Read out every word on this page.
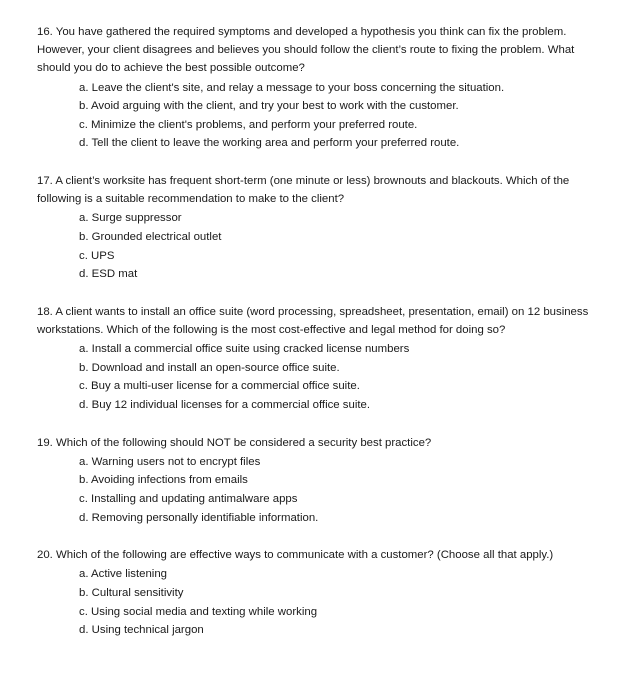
16. You have gathered the required symptoms and developed a hypothesis you think can fix the problem. However, your client disagrees and believes you should follow the client’s route to fixing the problem. What should you do to achieve the best possible outcome?

a. Leave the client's site, and relay a message to your boss concerning the situation.
b. Avoid arguing with the client, and try your best to work with the customer.
c. Minimize the client's problems, and perform your preferred route.
d. Tell the client to leave the working area and perform your preferred route.

17. A client’s worksite has frequent short-term (one minute or less) brownouts and blackouts. Which of the following is a suitable recommendation to make to the client?

a. Surge suppressor
b. Grounded electrical outlet
c. UPS
d. ESD mat

18. A client wants to install an office suite (word processing, spreadsheet, presentation, email) on 12 business workstations. Which of the following is the most cost-effective and legal method for doing so?

a. Install a commercial office suite using cracked license numbers
b. Download and install an open-source office suite.
c. Buy a multi-user license for a commercial office suite.
d. Buy 12 individual licenses for a commercial office suite.

19. Which of the following should NOT be considered a security best practice?

a. Warning users not to encrypt files
b. Avoiding infections from emails
c. Installing and updating antimalware apps
d. Removing personally identifiable information.

20. Which of the following are effective ways to communicate with a customer? (Choose all that apply.)

a. Active listening
b. Cultural sensitivity
c. Using social media and texting while working
d. Using technical jargon
